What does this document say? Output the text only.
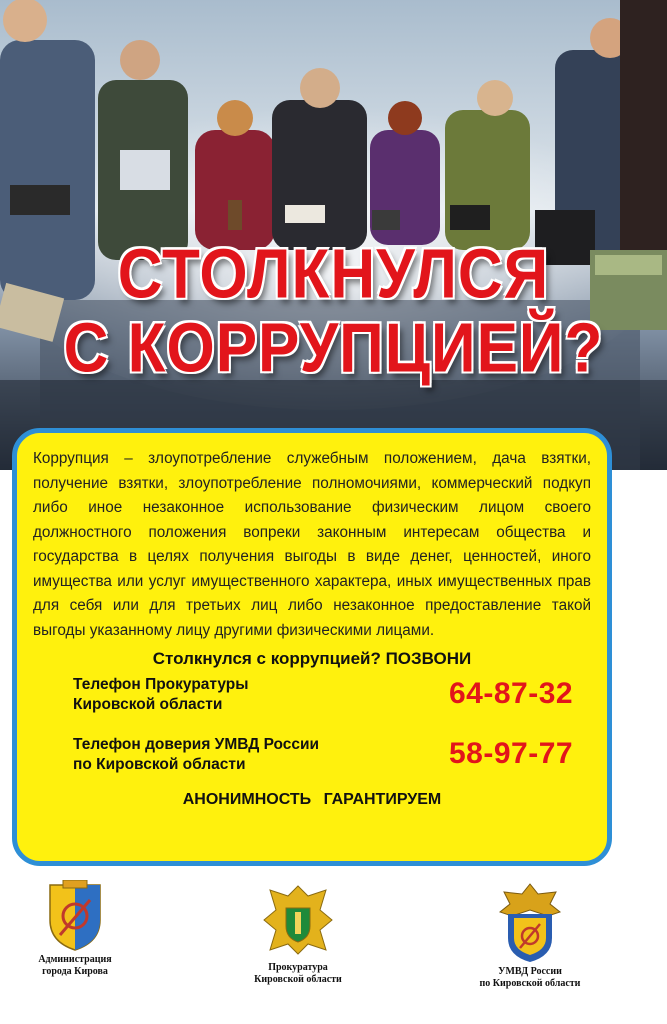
СТОЛКНУЛСЯ
С КОРРУПЦИЕЙ?

Коррупция – злоупотребление служебным положением, дача взятки, получение взятки, злоупотребление полномочиями, коммерческий подкуп либо иное незаконное использование физическим лицом своего должностного положения вопреки законным интересам общества и государства в целях получения выгоды в виде денег, ценностей, иного имущества или услуг имущественного характера, иных имущественных прав для себя или для третьих лиц либо незаконное предоставление такой выгоды указанному лицу другими физическими лицами.

Столкнулся с коррупцией? ПОЗВОНИ
Телефон Прокуратуры
Кировской области	64-87-32
Телефон доверия УМВД России
по Кировской области	58-97-77
АНОНИМНОСТЬ ГАРАНТИРУЕМ
Администрация
города Кирова	Прокуратура
Кировской области
УМВД России
по Кировской области
